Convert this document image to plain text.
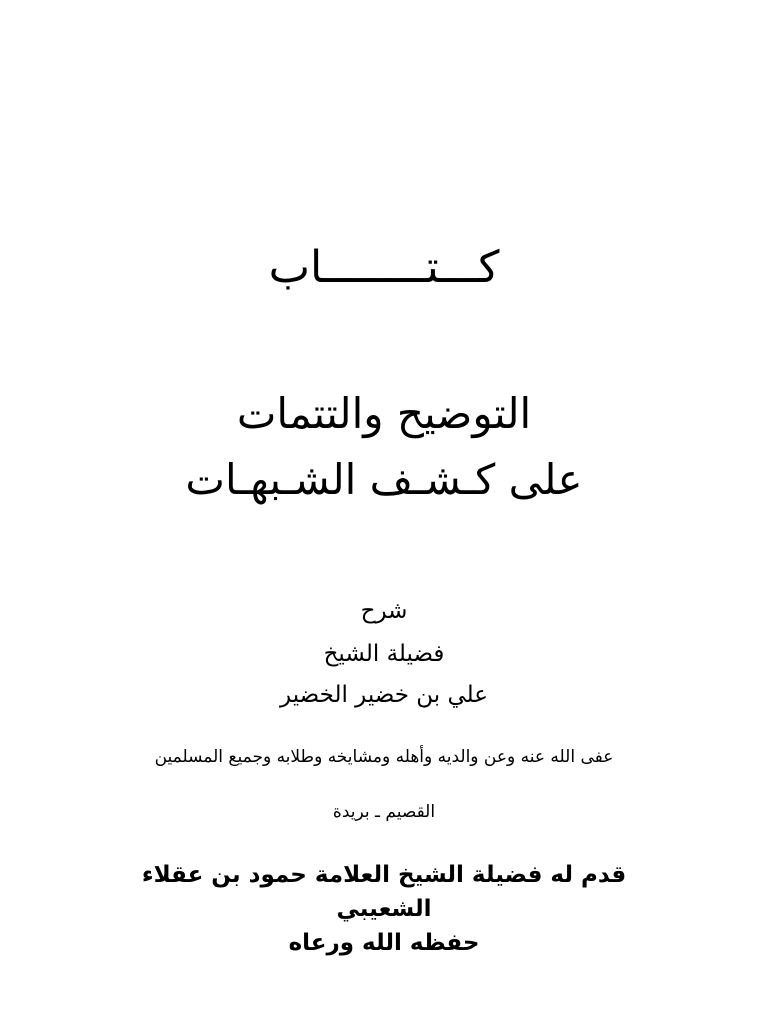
كـــتــــــــاب
التوضيح والتتمات
على كـشـف الشـبهـات
شرح
فضيلة الشيخ
علي بن خضير الخضير
عفى الله عنه وعن والديه وأهله ومشايخه وطلابه وجميع المسلمين
القصيم ـ بريدة
قدم له فضيلة الشيخ العلامة حمود بن عقلاء الشعيبي
حفظه الله ورعاه
